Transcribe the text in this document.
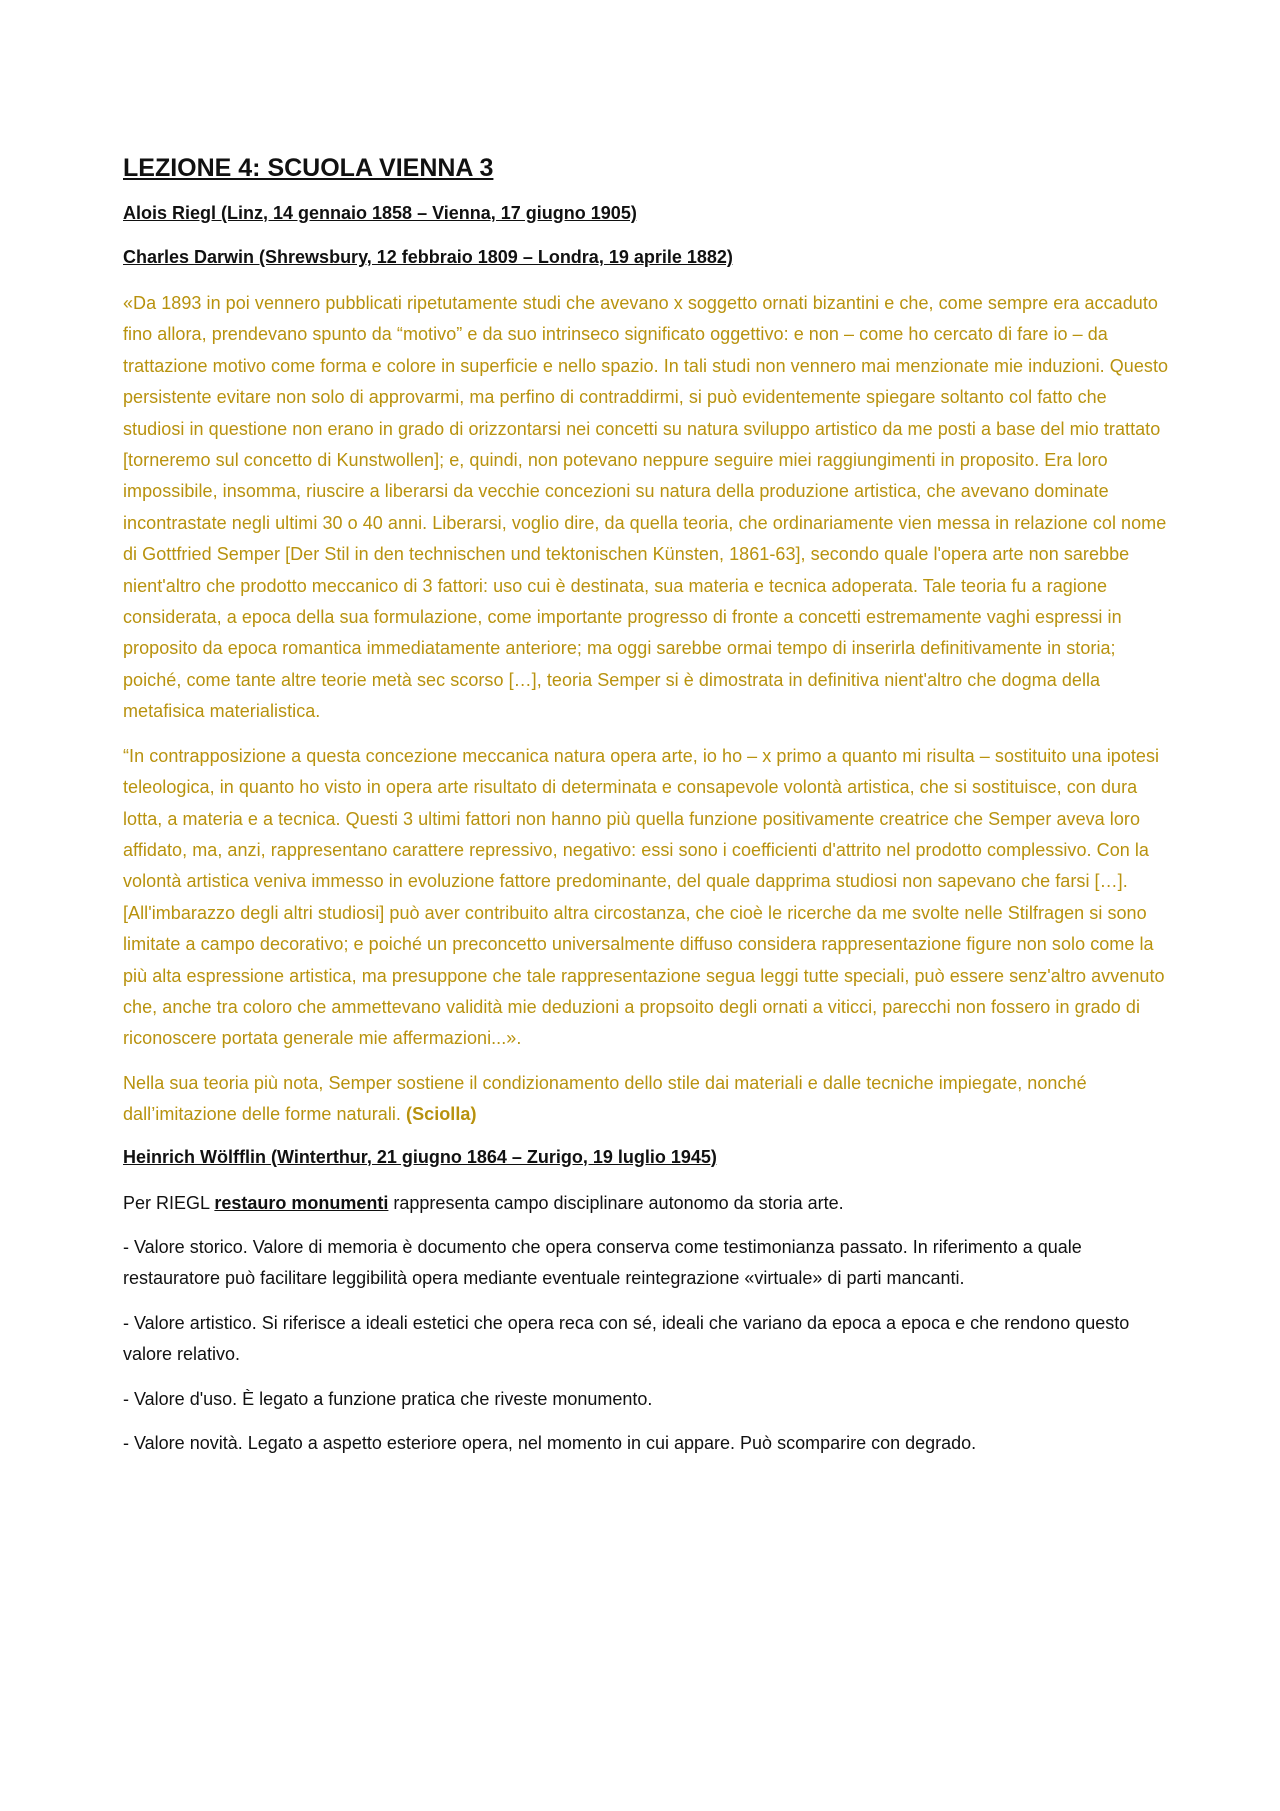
LEZIONE 4: SCUOLA VIENNA 3
Alois Riegl (Linz, 14 gennaio 1858 – Vienna, 17 giugno 1905)
Charles Darwin (Shrewsbury, 12 febbraio 1809 – Londra, 19 aprile 1882)

«Da 1893 in poi vennero pubblicati ripetutamente studi che avevano x soggetto ornati bizantini e che, come sempre era accaduto fino allora, prendevano spunto da “motivo” e da suo intrinseco significato oggettivo: e non – come ho cercato di fare io – da trattazione motivo come forma e colore in superficie e nello spazio. In tali studi non vennero mai menzionate mie induzioni. Questo persistente evitare non solo di approvarmi, ma perfino di contraddirmi, si può evidentemente spiegare soltanto col fatto che studiosi in questione non erano in grado di orizzontarsi nei concetti su natura sviluppo artistico da me posti a base del mio trattato [torneremo sul concetto di Kunstwollen]; e, quindi, non potevano neppure seguire miei raggiungimenti in proposito. Era loro impossibile, insomma, riuscire a liberarsi da vecchie concezioni su natura della produzione artistica, che avevano dominate incontrastate negli ultimi 30 o 40 anni. Liberarsi, voglio dire, da quella teoria, che ordinariamente vien messa in relazione col nome di Gottfried Semper [Der Stil in den technischen und tektonischen Künsten, 1861-63], secondo quale l'opera arte non sarebbe nient'altro che prodotto meccanico di 3 fattori: uso cui è destinata, sua materia e tecnica adoperata. Tale teoria fu a ragione considerata, a epoca della sua formulazione, come importante progresso di fronte a concetti estremamente vaghi espressi in proposito da epoca romantica immediatamente anteriore; ma oggi sarebbe ormai tempo di inserirla definitivamente in storia; poiché, come tante altre teorie metà sec scorso […], teoria Semper si è dimostrata in definitiva nient'altro che dogma della metafisica materialistica.

“In contrapposizione a questa concezione meccanica natura opera arte, io ho – x primo a quanto mi risulta – sostituito una ipotesi teleologica, in quanto ho visto in opera arte risultato di determinata e consapevole volontà artistica, che si sostituisce, con dura lotta, a materia e a tecnica. Questi 3 ultimi fattori non hanno più quella funzione positivamente creatrice che Semper aveva loro affidato, ma, anzi, rappresentano carattere repressivo, negativo: essi sono i coefficienti d'attrito nel prodotto complessivo. Con la volontà artistica veniva immesso in evoluzione fattore predominante, del quale dapprima studiosi non sapevano che farsi […]. [All'imbarazzo degli altri studiosi] può aver contribuito altra circostanza, che cioè le ricerche da me svolte nelle Stilfragen si sono limitate a campo decorativo; e poiché un preconcetto universalmente diffuso considera rappresentazione figure non solo come la più alta espressione artistica, ma presuppone che tale rappresentazione segua leggi tutte speciali, può essere senz'altro avvenuto che, anche tra coloro che ammettevano validità mie deduzioni a propsoito degli ornati a viticci, parecchi non fossero in grado di riconoscere portata generale mie affermazioni...».

Nella sua teoria più nota, Semper sostiene il condizionamento dello stile dai materiali e dalle tecniche impiegate, nonché dall’imitazione delle forme naturali. (Sciolla)

Heinrich Wölfflin (Winterthur, 21 giugno 1864 – Zurigo, 19 luglio 1945)

Per RIEGL restauro monumenti rappresenta campo disciplinare autonomo da storia arte.

- Valore storico. Valore di memoria è documento che opera conserva come testimonianza passato. In riferimento a quale restauratore può facilitare leggibilità opera mediante eventuale reintegrazione «virtuale» di parti mancanti.

- Valore artistico. Si riferisce a ideali estetici che opera reca con sé, ideali che variano da epoca a epoca e che rendono questo valore relativo.

- Valore d'uso. È legato a funzione pratica che riveste monumento.

- Valore novità. Legato a aspetto esteriore opera, nel momento in cui appare. Può scomparire con degrado.
